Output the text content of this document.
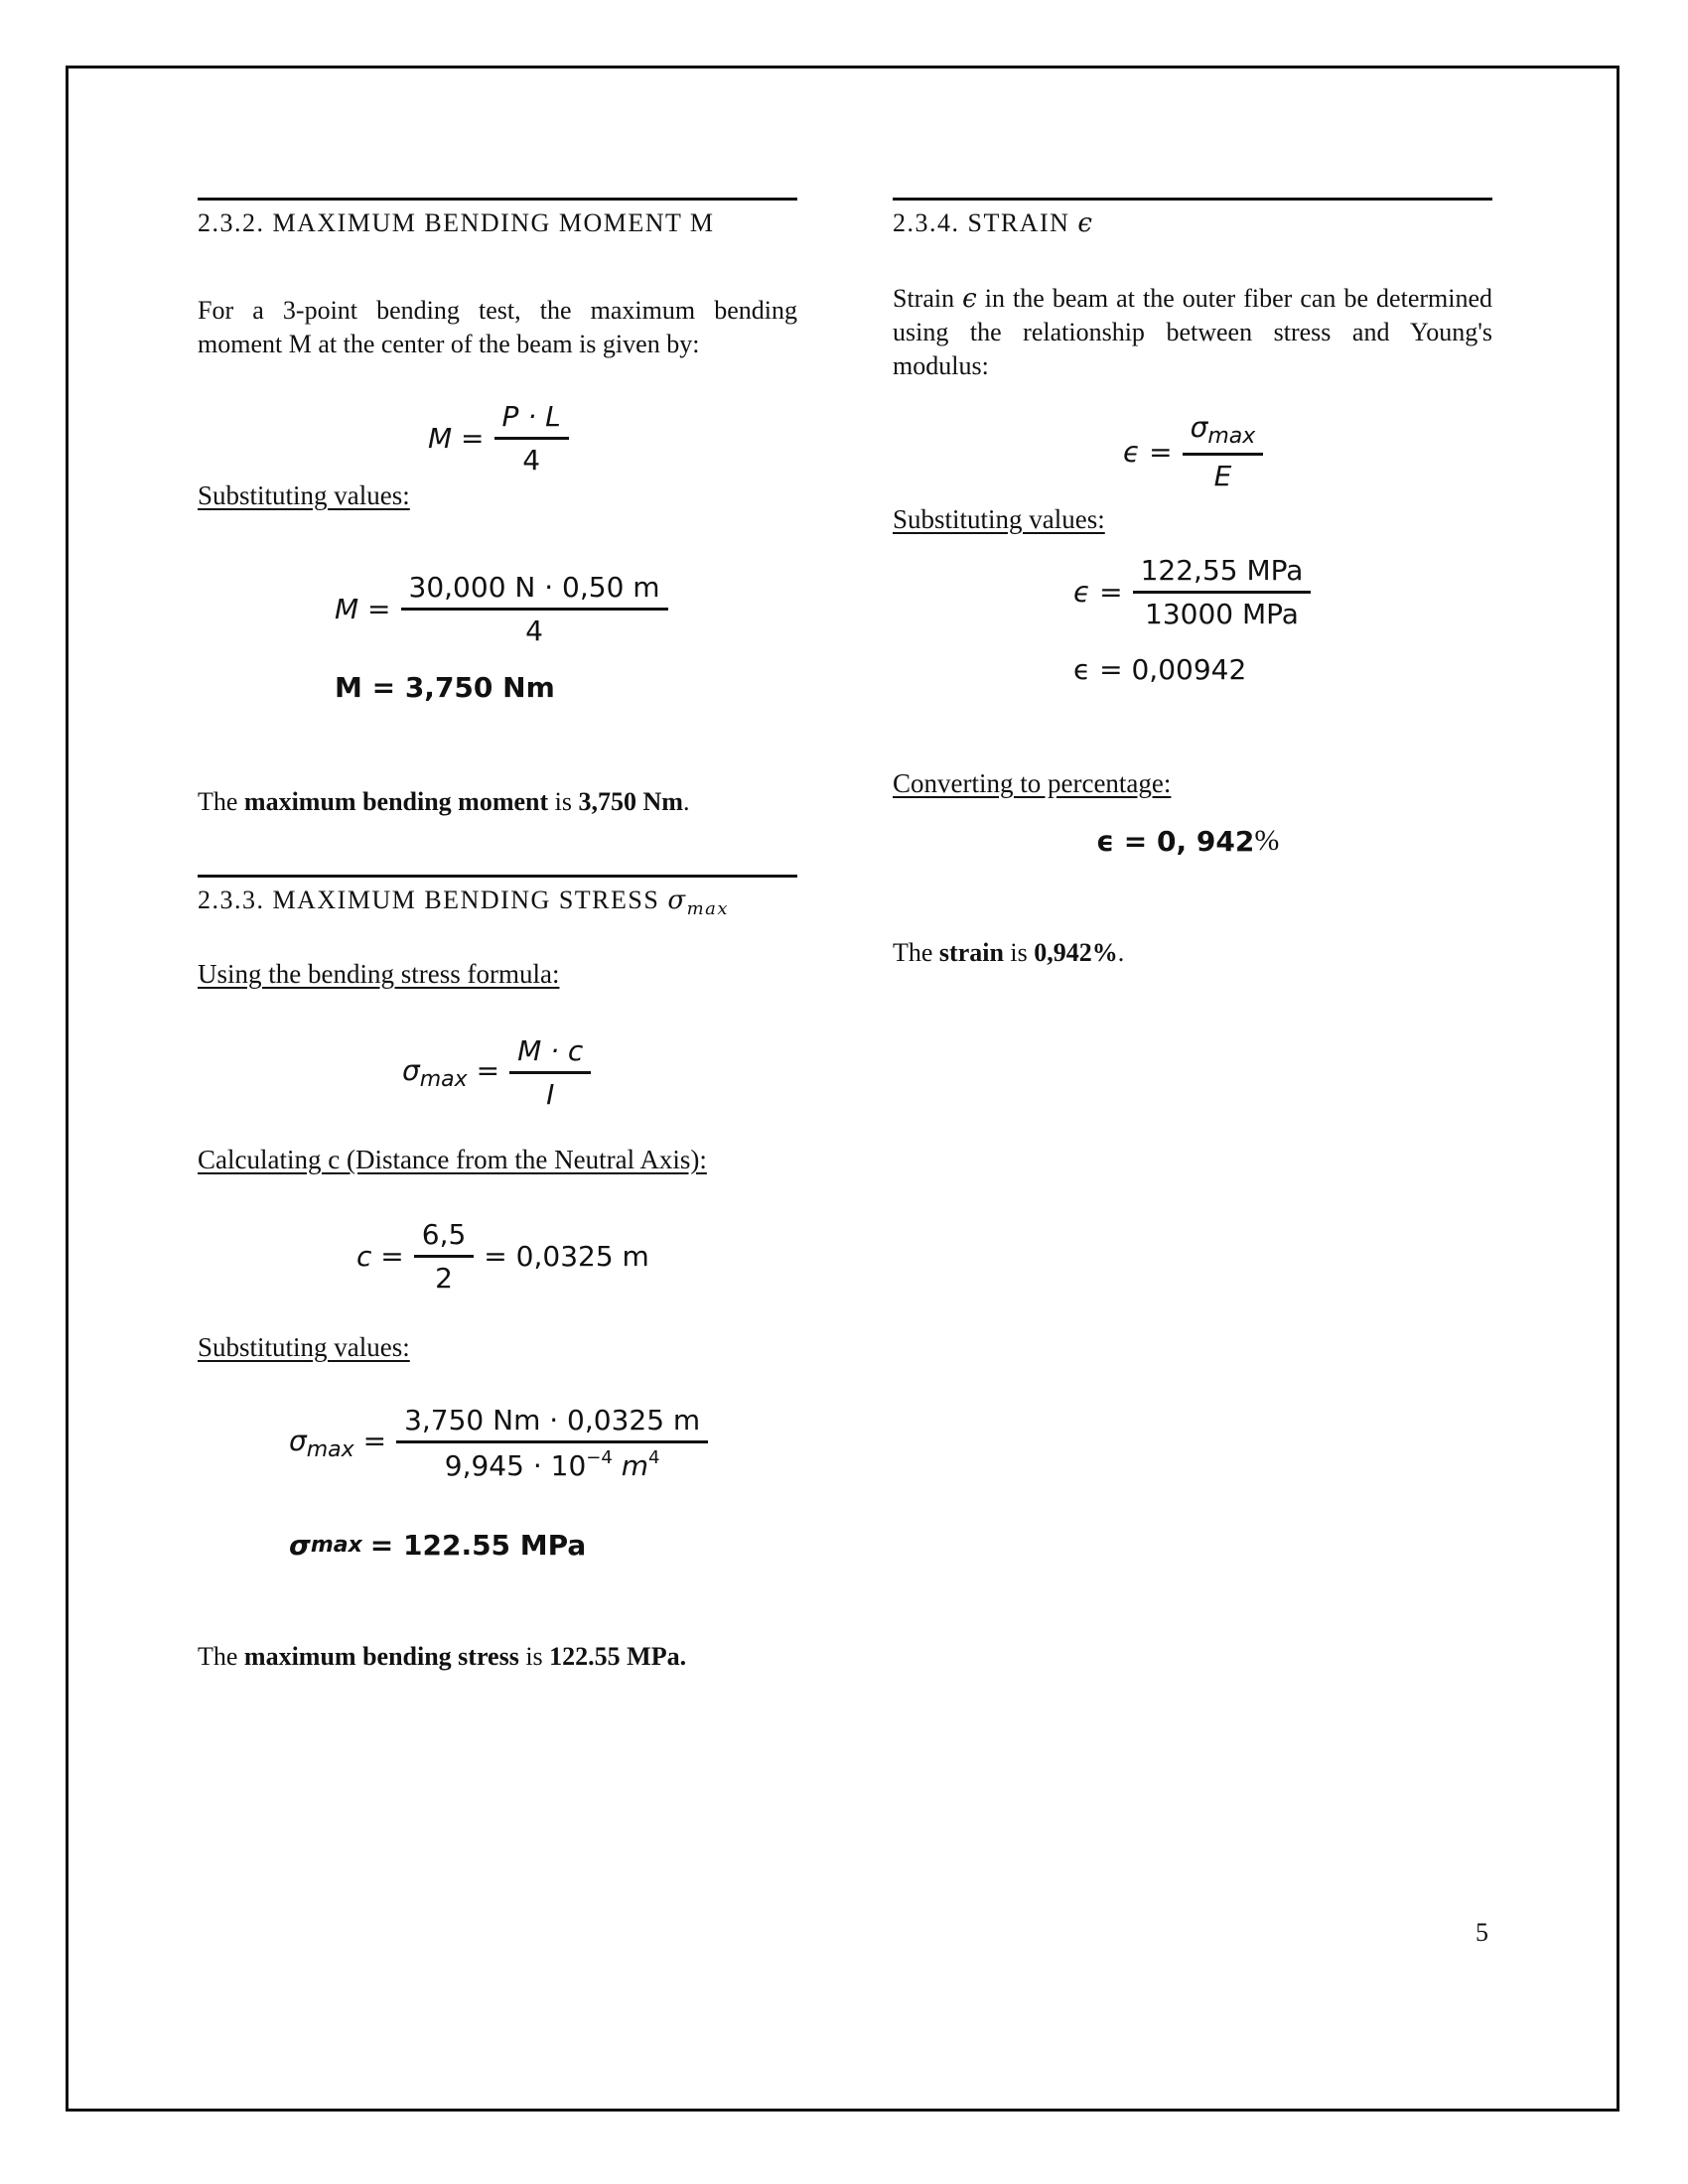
2.3.2. MAXIMUM BENDING MOMENT M
For a 3-point bending test, the maximum bending moment M at the center of the beam is given by:
$M = \frac{P \cdot L}{4}$
Substituting values:
$M = \frac{30,000 N \cdot 0,50 m}{4}$
M = 3,750 Nm
The maximum bending moment is 3,750 Nm.
2.3.3. MAXIMUM BENDING STRESS $\sigma_{max}$
Using the bending stress formula:
$\sigma_{max} = \frac{M \cdot c}{I}$
Calculating c (Distance from the Neutral Axis):
$c = \frac{6,5}{2} = 0,0325$ m
Substituting values:
$\sigma_{max} = \frac{3,750 Nm \cdot 0,0325 m}{9,945 \cdot 10^{-4} m^4}$
σ max = 122.55 MPa
The maximum bending stress is 122.55 MPa.
2.3.4. STRAIN ϵ
Strain ϵ in the beam at the outer fiber can be determined using the relationship between stress and Young's modulus:
$\epsilon = \frac{\sigma_{max}}{E}$
Substituting values:
$\epsilon = \frac{\text{122,55 MPa}}{\text{13000 MPa}}$
ϵ = 0,00942
Converting to percentage:
ϵ = 0, 942 %
The strain is 0,942%.
5
